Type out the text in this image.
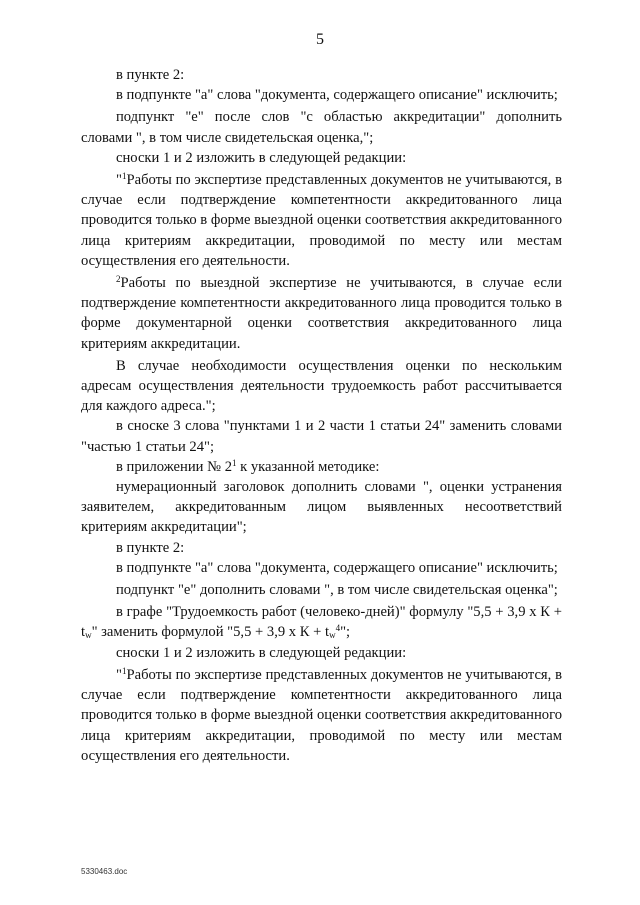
5

в пункте 2:

в подпункте "а" слова "документа, содержащего описание" исключить;

подпункт "е" после слов "с областью аккредитации" дополнить словами ", в том числе свидетельская оценка,";

сноски 1 и 2 изложить в следующей редакции:

"$^1$Работы по экспертизе представленных документов не учитываются, в случае если подтверждение компетентности аккредитованного лица проводится только в форме выездной оценки соответствия аккредитованного лица критериям аккредитации, проводимой по месту или местам осуществления его деятельности.

$^2$Работы по выездной экспертизе не учитываются, в случае если подтверждение компетентности аккредитованного лица проводится только в форме документарной оценки соответствия аккредитованного лица критериям аккредитации.

В случае необходимости осуществления оценки по нескольким адресам осуществления деятельности трудоемкость работ рассчитывается для каждого адреса.";

в сноске 3 слова "пунктами 1 и 2 части 1 статьи 24" заменить словами "частью 1 статьи 24";

в приложении № $2^1$ к указанной методике:

нумерационный заголовок дополнить словами ", оценки устранения заявителем, аккредитованным лицом выявленных несоответствий критериям аккредитации";

в пункте 2:

в подпункте "а" слова "документа, содержащего описание" исключить;

подпункт "е" дополнить словами ", в том числе свидетельская оценка";

в графе "Трудоемкость работ (человеко-дней)" формулу "5,5 + 3,9 х $К + t_w$" заменить формулой "5,5 + 3,9 х $К + t_w^4$";

сноски 1 и 2 изложить в следующей редакции:

"$^1$Работы по экспертизе представленных документов не учитываются, в случае если подтверждение компетентности аккредитованного лица проводится только в форме выездной оценки соответствия аккредитованного лица критериям аккредитации, проводимой по месту или местам осуществления его деятельности.

5330463.doc
